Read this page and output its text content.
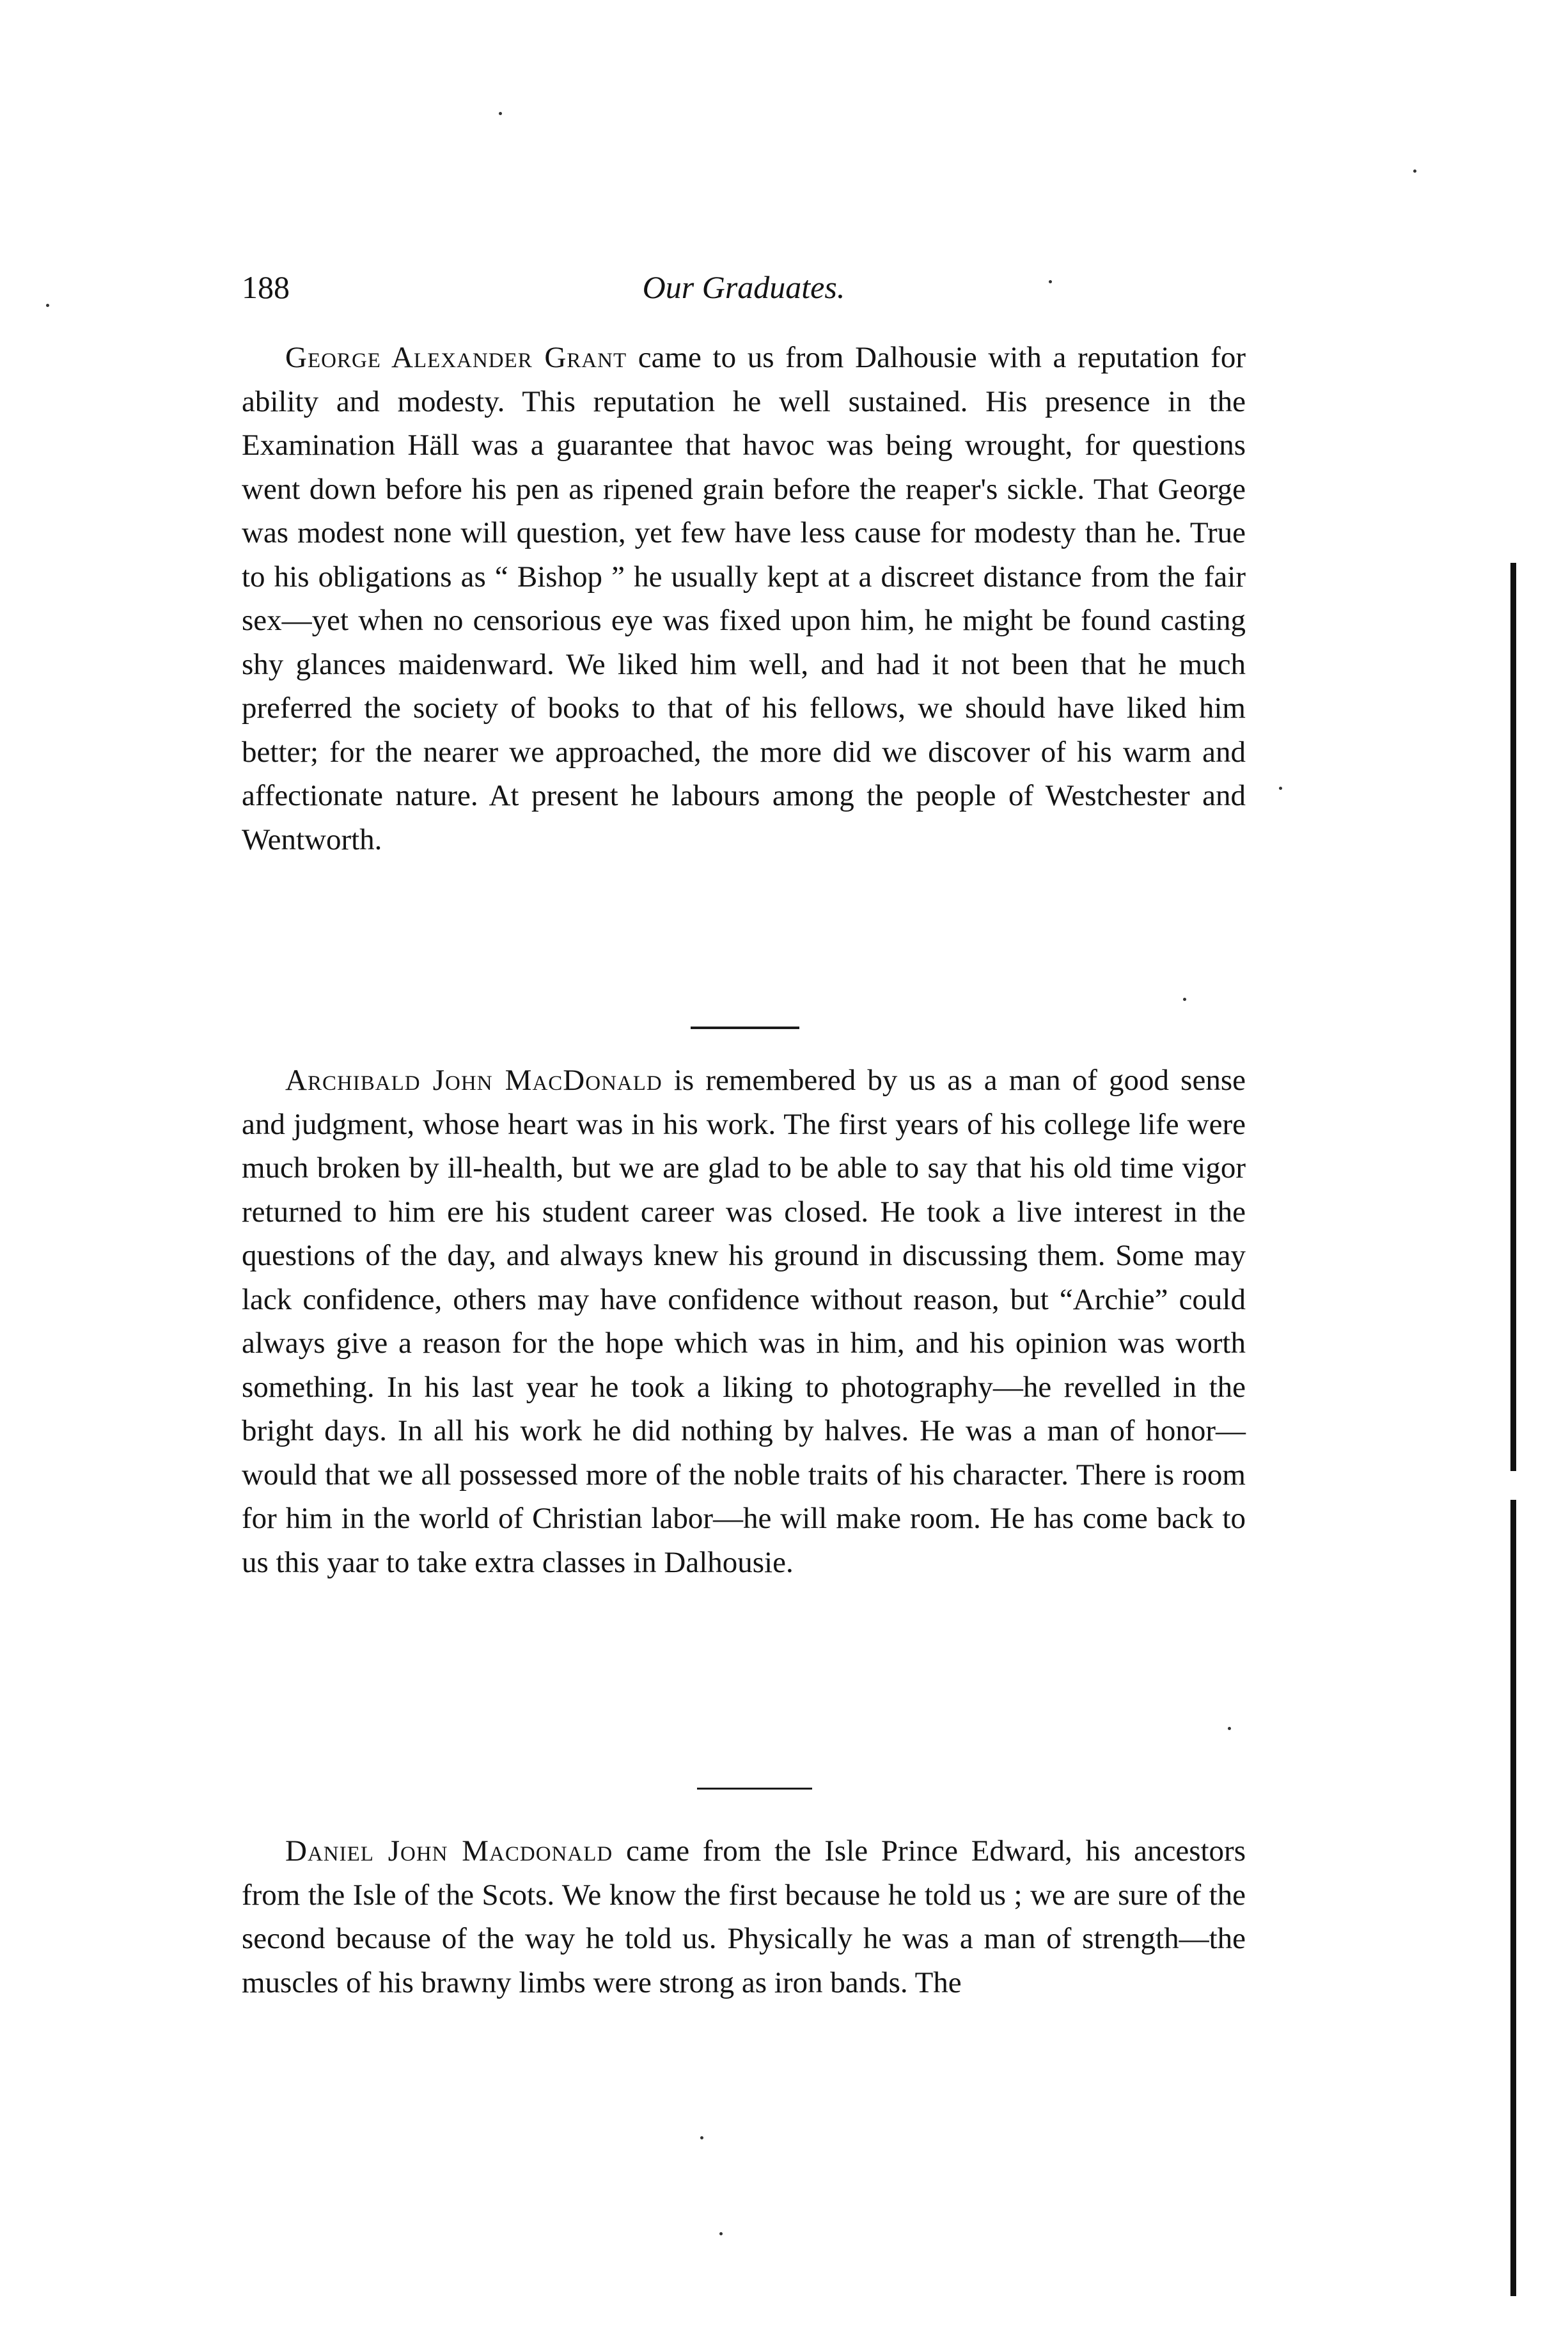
188	Our Graduates.

George Alexander Grant came to us from Dalhousie with a reputation for ability and modesty. This reputation he well sustained. His presence in the Examination Häll was a guarantee that havoc was being wrought, for questions went down before his pen as ripened grain before the reaper's sickle. That George was modest none will question, yet few have less cause for modesty than he. True to his obligations as “ Bishop ” he usually kept at a discreet distance from the fair sex—yet when no censorious eye was fixed upon him, he might be found casting shy glances maidenward. We liked him well, and had it not been that he much preferred the society of books to that of his fellows, we should have liked him better; for the nearer we approached, the more did we discover of his warm and affectionate nature. At present he labours among the people of Westchester and Wentworth.

Archibald John MacDonald is remembered by us as a man of good sense and judgment, whose heart was in his work. The first years of his college life were much broken by ill-health, but we are glad to be able to say that his old time vigor returned to him ere his student career was closed. He took a live interest in the questions of the day, and always knew his ground in discussing them. Some may lack confidence, others may have confidence without reason, but “Archie” could always give a reason for the hope which was in him, and his opinion was worth something. In his last year he took a liking to photography—he revelled in the bright days. In all his work he did nothing by halves. He was a man of honor—would that we all possessed more of the noble traits of his character. There is room for him in the world of Christian labor—he will make room. He has come back to us this yaar to take extra classes in Dalhousie.

Daniel John Macdonald came from the Isle Prince Edward, his ancestors from the Isle of the Scots. We know the first because he told us ; we are sure of the second because of the way he told us. Physically he was a man of strength—the muscles of his brawny limbs were strong as iron bands. The
